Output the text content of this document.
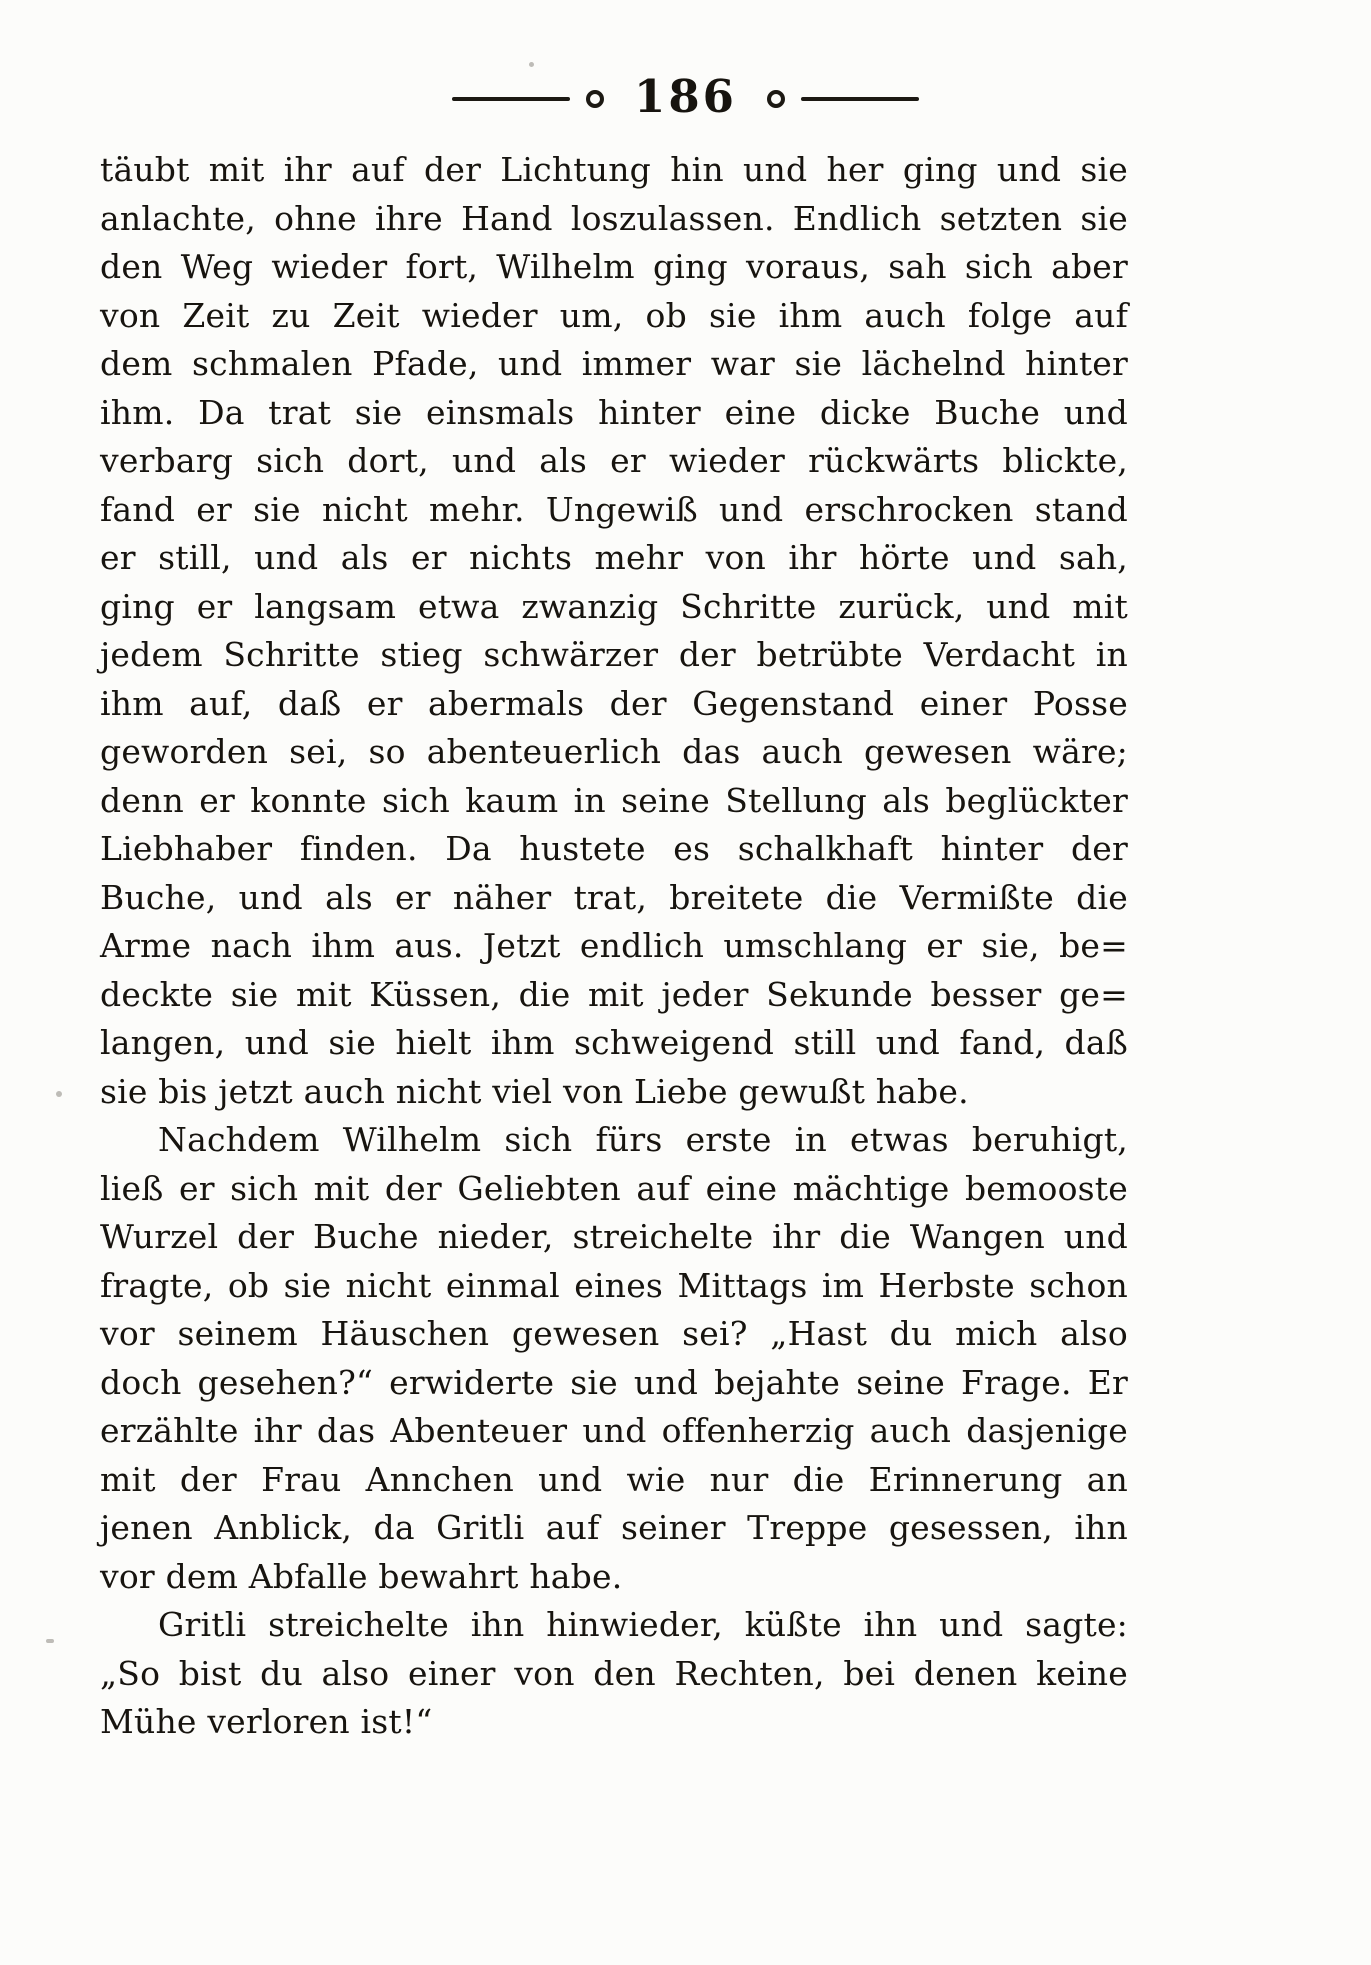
186
täubt mit ihr auf der Lichtung hin und her ging und sie
anlachte, ohne ihre Hand loszulassen. Endlich setzten sie
den Weg wieder fort, Wilhelm ging voraus, sah sich aber
von Zeit zu Zeit wieder um, ob sie ihm auch folge auf
dem schmalen Pfade, und immer war sie lächelnd hinter
ihm. Da trat sie einsmals hinter eine dicke Buche und
verbarg sich dort, und als er wieder rückwärts blickte,
fand er sie nicht mehr. Ungewiß und erschrocken stand
er still, und als er nichts mehr von ihr hörte und sah,
ging er langsam etwa zwanzig Schritte zurück, und mit
jedem Schritte stieg schwärzer der betrübte Verdacht in
ihm auf, daß er abermals der Gegenstand einer Posse
geworden sei, so abenteuerlich das auch gewesen wäre;
denn er konnte sich kaum in seine Stellung als beglückter
Liebhaber finden. Da hustete es schalkhaft hinter der
Buche, und als er näher trat, breitete die Vermißte die
Arme nach ihm aus. Jetzt endlich umschlang er sie, be=
deckte sie mit Küssen, die mit jeder Sekunde besser ge=
langen, und sie hielt ihm schweigend still und fand, daß
sie bis jetzt auch nicht viel von Liebe gewußt habe.
Nachdem Wilhelm sich fürs erste in etwas beruhigt,
ließ er sich mit der Geliebten auf eine mächtige bemooste
Wurzel der Buche nieder, streichelte ihr die Wangen und
fragte, ob sie nicht einmal eines Mittags im Herbste schon
vor seinem Häuschen gewesen sei? „Hast du mich also
doch gesehen?“ erwiderte sie und bejahte seine Frage. Er
erzählte ihr das Abenteuer und offenherzig auch dasjenige
mit der Frau Annchen und wie nur die Erinnerung an
jenen Anblick, da Gritli auf seiner Treppe gesessen, ihn
vor dem Abfalle bewahrt habe.
Gritli streichelte ihn hinwieder, küßte ihn und sagte:
„So bist du also einer von den Rechten, bei denen keine
Mühe verloren ist!“
